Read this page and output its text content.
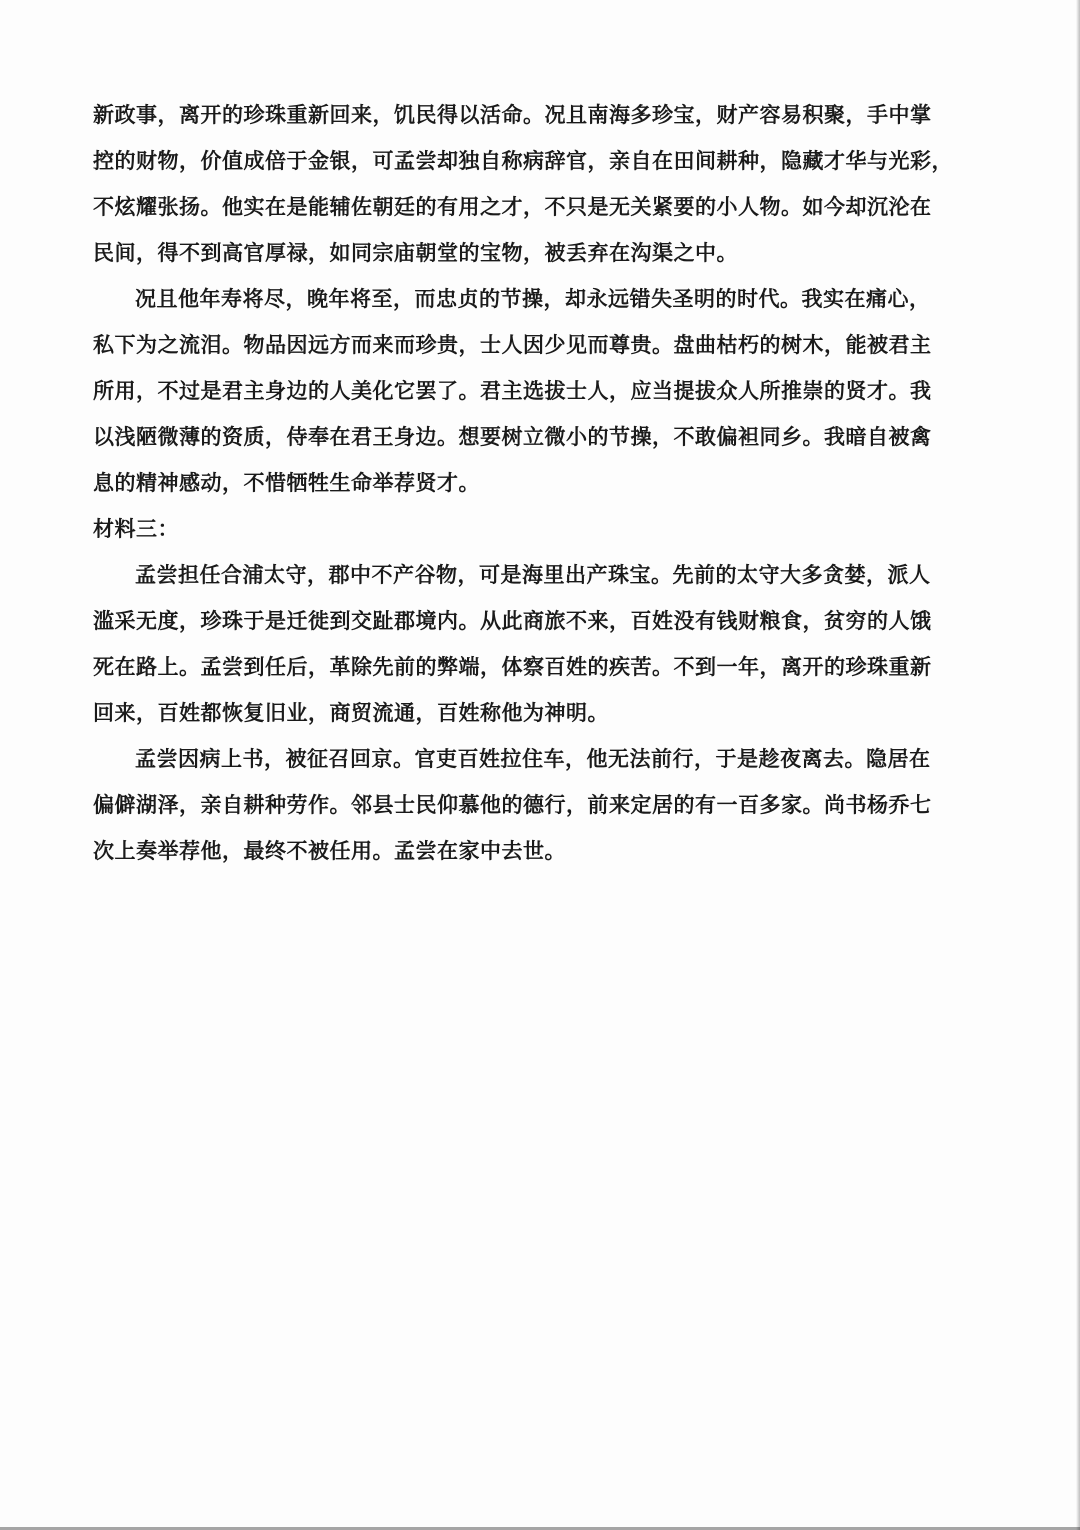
新政事，离开的珍珠重新回来，饥民得以活命。况且南海多珍宝，财产容易积聚，手中掌
控的财物，价值成倍于金银，可孟尝却独自称病辞官，亲自在田间耕种，隐藏才华与光彩，
不炫耀张扬。他实在是能辅佐朝廷的有用之才，不只是无关紧要的小人物。如今却沉沦在
民间，得不到高官厚禄，如同宗庙朝堂的宝物，被丢弃在沟渠之中。
况且他年寿将尽，晚年将至，而忠贞的节操，却永远错失圣明的时代。我实在痛心，
私下为之流泪。物品因远方而来而珍贵，士人因少见而尊贵。盘曲枯朽的树木，能被君主
所用，不过是君主身边的人美化它罢了。君主选拔士人，应当提拔众人所推崇的贤才。我
以浅陋微薄的资质，侍奉在君王身边。想要树立微小的节操，不敢偏袒同乡。我暗自被禽
息的精神感动，不惜牺牲生命举荐贤才。
材料三：
孟尝担任合浦太守，郡中不产谷物，可是海里出产珠宝。先前的太守大多贪婪，派人
滥采无度，珍珠于是迁徙到交趾郡境内。从此商旅不来，百姓没有钱财粮食，贫穷的人饿
死在路上。孟尝到任后，革除先前的弊端，体察百姓的疾苦。不到一年，离开的珍珠重新
回来，百姓都恢复旧业，商贸流通，百姓称他为神明。
孟尝因病上书，被征召回京。官吏百姓拉住车，他无法前行，于是趁夜离去。隐居在
偏僻湖泽，亲自耕种劳作。邻县士民仰慕他的德行，前来定居的有一百多家。尚书杨乔七
次上奏举荐他，最终不被任用。孟尝在家中去世。
